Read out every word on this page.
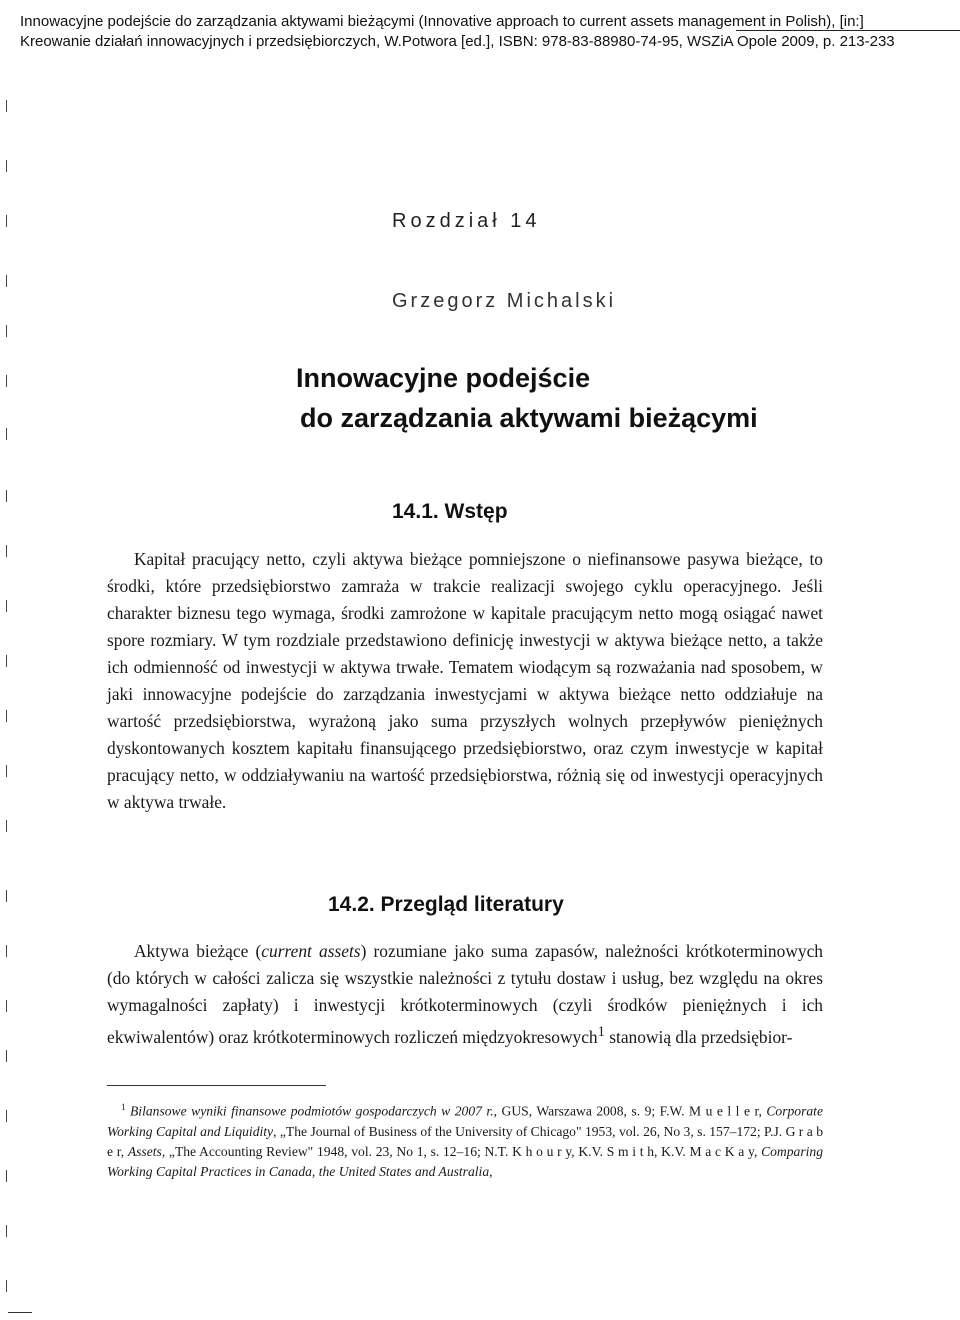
Innowacyjne podejście do zarządzania aktywami bieżącymi (Innovative approach to current assets management in Polish), [in:]

Kreowanie działań innowacyjnych i przedsiębiorczych, W.Potwora [ed.], ISBN: 978-83-88980-74-95, WSZiA Opole 2009, p. 213-233

Rozdział 14
Grzegorz Michalski
Innowacyjne podejście
do zarządzania aktywami bieżącymi
14.1. Wstęp

Kapitał pracujący netto, czyli aktywa bieżące pomniejszone o niefinansowe pasywa bieżące, to środki, które przedsiębiorstwo zamraża w trakcie realizacji swojego cyklu operacyjnego. Jeśli charakter biznesu tego wymaga, środki zamrożone w kapitale pracującym netto mogą osiągać nawet spore rozmiary. W tym rozdziale przedstawiono definicję inwestycji w aktywa bieżące netto, a także ich odmienność od inwestycji w aktywa trwałe. Tematem wiodącym są rozważania nad sposobem, w jaki innowacyjne podejście do zarządzania inwestycjami w aktywa bieżące netto oddziałuje na wartość przedsiębiorstwa, wyrażoną jako suma przyszłych wolnych przepływów pieniężnych dyskontowanych kosztem kapitału finansującego przedsiębiorstwo, oraz czym inwestycje w kapitał pracujący netto, w oddziaływaniu na wartość przedsiębiorstwa, różnią się od inwestycji operacyjnych w aktywa trwałe.

14.2. Przegląd literatury

Aktywa bieżące (current assets) rozumiane jako suma zapasów, należności krótkoterminowych (do których w całości zalicza się wszystkie należności z tytułu dostaw i usług, bez względu na okres wymagalności zapłaty) i inwestycji krótkoterminowych (czyli środków pieniężnych i ich ekwiwalentów) oraz krótkoterminowych rozliczeń międzyokresowych$^1$ stanowią dla przedsiębior-

$^1$ Bilansowe wyniki finansowe podmiotów gospodarczych w 2007 r., GUS, Warszawa 2008, s. 9; F.W. M u e l l e r, Corporate Working Capital and Liquidity, „The Journal of Business of the University of Chicago" 1953, vol. 26, No 3, s. 157–172; P.J. G r a b e r, Assets, „The Accounting Review" 1948, vol. 23, No 1, s. 12–16; N.T. K h o u r y, K.V. S m i t h, K.V. M a c K a y, Comparing Working Capital Practices in Canada, the United States and Australia,
